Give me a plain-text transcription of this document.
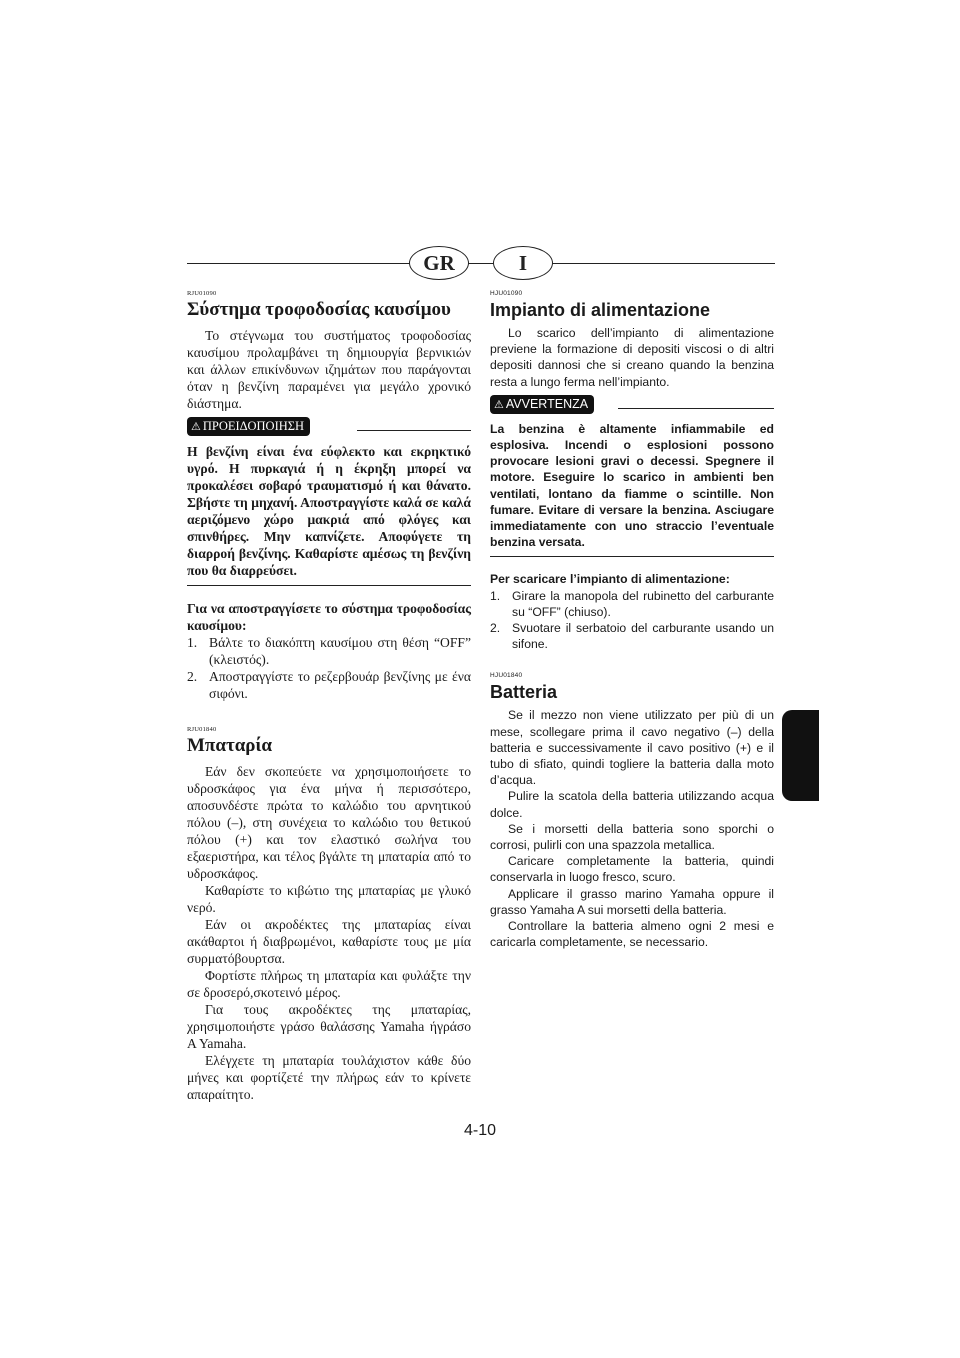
GR	I
RJU01090
Σύστημα τροφοδοσίας καυσίμου

Το στέγνωμα του συστήματος τροφοδοσίας καυσίμου προλαμβάνει τη δημιουργία βερνικιών και άλλων επικίνδυνων ιζημάτων που παράγονται όταν η βενζίνη παραμένει για μεγάλο χρονικό διάστημα.

⚠ ΠΡΟΕΙΔΟΠΟΙΗΣΗ
Η βενζίνη είναι ένα εύφλεκτο και εκρηκτικό υγρό. Η πυρκαγιά ή η έκρηξη μπορεί να προκαλέσει σοβαρό τραυματισμό ή και θάνατο. Σβήστε τη μηχανή. Αποστραγγίστε καλά σε καλά αεριζόμενο χώρο μακριά από φλόγες και σπινθήρες. Μην καπνίζετε. Αποφύγετε τη διαρροή βενζίνης. Καθαρίστε αμέσως τη βενζίνη που θα διαρρεύσει.
Για να αποστραγγίσετε το σύστημα τροφοδοσίας καυσίμου:
1. Βάλτε το διακόπτη καυσίμου στη θέση “OFF” (κλειστός).
2. Αποστραγγίστε το ρεζερβουάρ βενζίνης με ένα σιφόνι.
RJU01840
Μπαταρία

Εάν δεν σκοπεύετε να χρησιμοποιήσετε το υδροσκάφος για ένα μήνα ή περισσότερο, αποσυνδέστε πρώτα το καλώδιο του αρνητικού πόλου (–), στη συνέχεια το καλώδιο του θετικού πόλου (+) και τον ελαστικό σωλήνα του εξαεριστήρα, και τέλος βγάλτε τη μπαταρία από το υδροσκάφος.

Καθαρίστε το κιβώτιο της μπαταρίας με γλυκό νερό.

Εάν οι ακροδέκτες της μπαταρίας είναι ακάθαρτοι ή διαβρωμένοι, καθαρίστε τους με μία συρματόβουρτσα.

Φορτίστε πλήρως τη μπαταρία και φυλάξτε την σε δροσερό,σκοτεινό μέρος.

Για τους ακροδέκτες της μπαταρίας, χρησιμοποιήστε γράσο θαλάσσης Yamaha ήγράσο A Yamaha.

Ελέγχετε τη μπαταρία τουλάχιστον κάθε δύο μήνες και φορτίζετέ την πλήρως εάν το κρίνετε απαραίτητο.

HJU01090
Impianto di alimentazione

Lo scarico dell’impianto di alimentazione previene la formazione di depositi viscosi o di altri depositi dannosi che si creano quando la benzina resta a lungo ferma nell’impianto.

⚠ AVVERTENZA
La benzina è altamente infiammabile ed esplosiva. Incendi o esplosioni possono provocare lesioni gravi o decessi. Spegnere il motore. Eseguire lo scarico in ambienti ben ventilati, lontano da fiamme o scintille. Non fumare. Evitare di versare la benzina. Asciugare immediatamente con uno straccio l’eventuale benzina versata.
Per scaricare l’impianto di alimentazione:
1. Girare la manopola del rubinetto del carburante su “OFF” (chiuso).
2. Svuotare il serbatoio del carburante usando un sifone.
HJU01840
Batteria

Se il mezzo non viene utilizzato per più di un mese, scollegare prima il cavo negativo (–) della batteria e successivamente il cavo positivo (+) e il tubo di sfiato, quindi togliere la batteria dalla moto d’acqua.

Pulire la scatola della batteria utilizzando acqua dolce.

Se i morsetti della batteria sono sporchi o corrosi, pulirli con una spazzola metallica.

Caricare completamente la batteria, quindi conservarla in luogo fresco, scuro.

Applicare il grasso marino Yamaha oppure il grasso Yamaha A sui morsetti della batteria.

Controllare la batteria almeno ogni 2 mesi e caricarla completamente, se necessario.

4-10
